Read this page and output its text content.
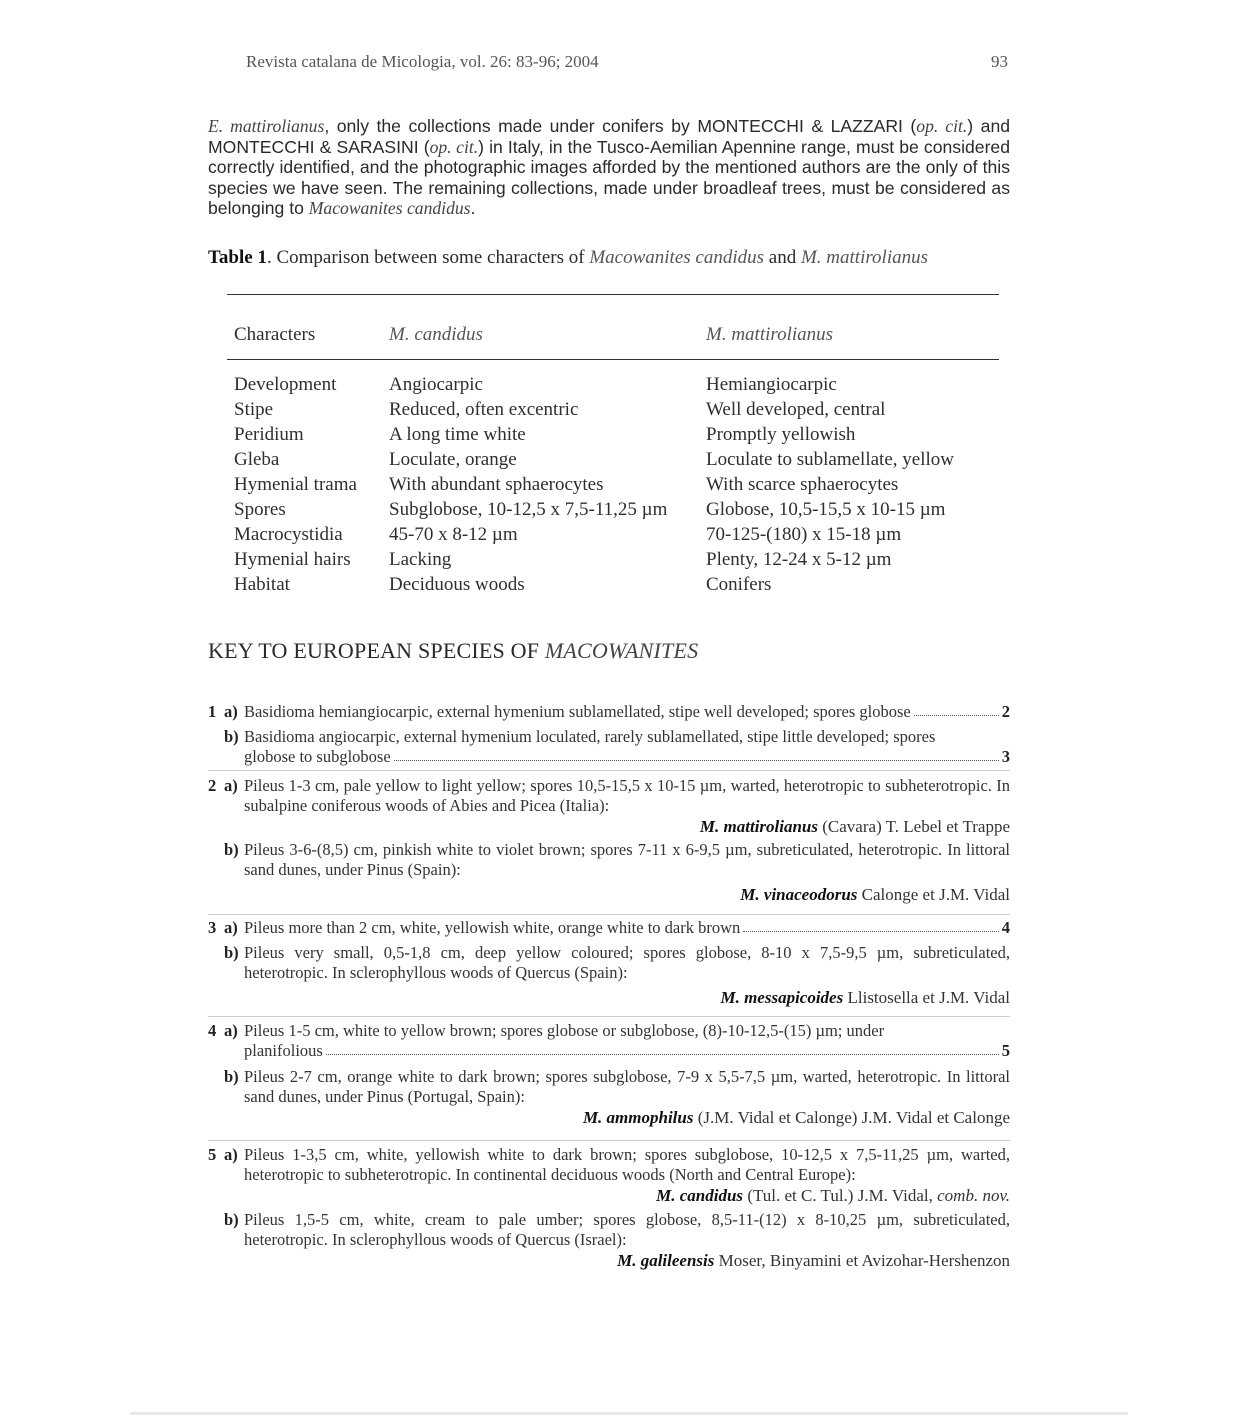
Revista catalana de Micologia, vol. 26: 83-96; 2004	93

E. mattirolianus, only the collections made under conifers by MONTECCHI & LAZZARI (op. cit.) and MONTECCHI & SARASINI (op. cit.) in Italy, in the Tusco-Aemilian Apennine range, must be considered correctly identified, and the photographic images afforded by the mentioned authors are the only of this species we have seen. The remaining collections, made under broadleaf trees, must be considered as belonging to Macowanites candidus.

Table 1. Comparison between some characters of Macowanites candidus and M. mattirolianus
Characters	M. candidus	M. mattirolianus
Development	Angiocarpic	Hemiangiocarpic
Stipe	Reduced, often excentric	Well developed, central
Peridium	A long time white	Promptly yellowish
Gleba	Loculate, orange	Loculate to sublamellate, yellow
Hymenial trama	With abundant sphaerocytes	With scarce sphaerocytes
Spores	Subglobose, 10-12,5 x 7,5-11,25 µm	Globose, 10,5-15,5 x 10-15 µm
Macrocystidia	45-70 x 8-12 µm	70-125-(180) x 15-18 µm
Hymenial hairs	Lacking	Plenty, 12-24 x 5-12 µm
Habitat	Deciduous woods	Conifers
KEY TO EUROPEAN SPECIES OF MACOWANITES
1 a) Basidioma hemiangiocarpic, external hymenium sublamellated, stipe well developed; spores globose	2
b) Basidioma angiocarpic, external hymenium loculated, rarely sublamellated, stipe little developed; spores
globose to subglobose	3
2 a) Pileus 1-3 cm, pale yellow to light yellow; spores 10,5-15,5 x 10-15 µm, warted, heterotropic to subheterotropic. In subalpine coniferous woods of Abies and Picea (Italia):
M. mattirolianus (Cavara) T. Lebel et Trappe
b) Pileus 3-6-(8,5) cm, pinkish white to violet brown; spores 7-11 x 6-9,5 µm, subreticulated, heterotropic. In littoral sand dunes, under Pinus (Spain):
M. vinaceodorus Calonge et J.M. Vidal
3 a) Pileus more than 2 cm, white, yellowish white, orange white to dark brown	4
b) Pileus very small, 0,5-1,8 cm, deep yellow coloured; spores globose, 8-10 x 7,5-9,5 µm, subreticulated, heterotropic. In sclerophyllous woods of Quercus (Spain):
M. messapicoides Llistosella et J.M. Vidal
4 a) Pileus 1-5 cm, white to yellow brown; spores globose or subglobose, (8)-10-12,5-(15) µm; under
planifolious	5
b) Pileus 2-7 cm, orange white to dark brown; spores subglobose, 7-9 x 5,5-7,5 µm, warted, heterotropic. In littoral sand dunes, under Pinus (Portugal, Spain):
M. ammophilus (J.M. Vidal et Calonge) J.M. Vidal et Calonge
5 a) Pileus 1-3,5 cm, white, yellowish white to dark brown; spores subglobose, 10-12,5 x 7,5-11,25 µm, warted, heterotropic to subheterotropic. In continental deciduous woods (North and Central Europe):
M. candidus (Tul. et C. Tul.) J.M. Vidal, comb. nov.
b) Pileus 1,5-5 cm, white, cream to pale umber; spores globose, 8,5-11-(12) x 8-10,25 µm, subreticulated, heterotropic. In sclerophyllous woods of Quercus (Israel):
M. galileensis Moser, Binyamini et Avizohar-Hershenzon
